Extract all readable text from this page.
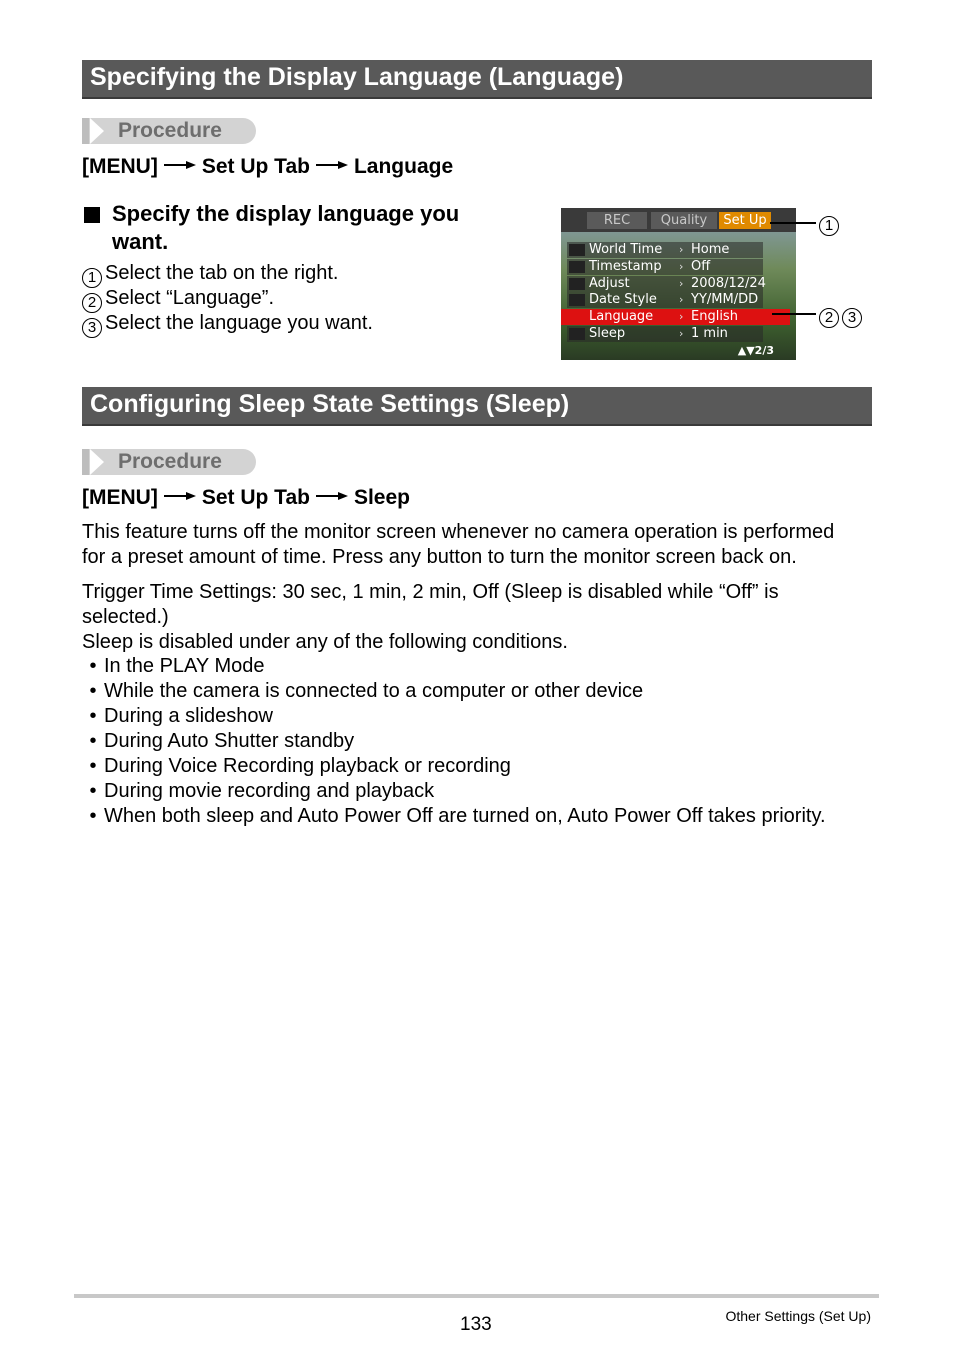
Specifying the Display Language (Language)
Procedure
[MENU] Set Up Tab Language
Specify the display language you
want.
1 Select the tab on the right.
2 Select “Language”.
3 Select the language you want.
REC	Quality	Set Up
World Time	› Home
Timestamp	› Off
Adjust	› 2008/12/24
Date Style	› YY/MM/DD
Language	› English
Sleep	› 1 min
▲▼2/3
1
2 3
Configuring Sleep State Settings (Sleep)
Procedure
[MENU] Set Up Tab Sleep
This feature turns off the monitor screen whenever no camera operation is performed
for a preset amount of time. Press any button to turn the monitor screen back on.
Trigger Time Settings: 30 sec, 1 min, 2 min, Off (Sleep is disabled while “Off” is
selected.)
Sleep is disabled under any of the following conditions.
• In the PLAY Mode
• While the camera is connected to a computer or other device
• During a slideshow
• During Auto Shutter standby
• During Voice Recording playback or recording
• During movie recording and playback
• When both sleep and Auto Power Off are turned on, Auto Power Off takes priority.
133	Other Settings (Set Up)
